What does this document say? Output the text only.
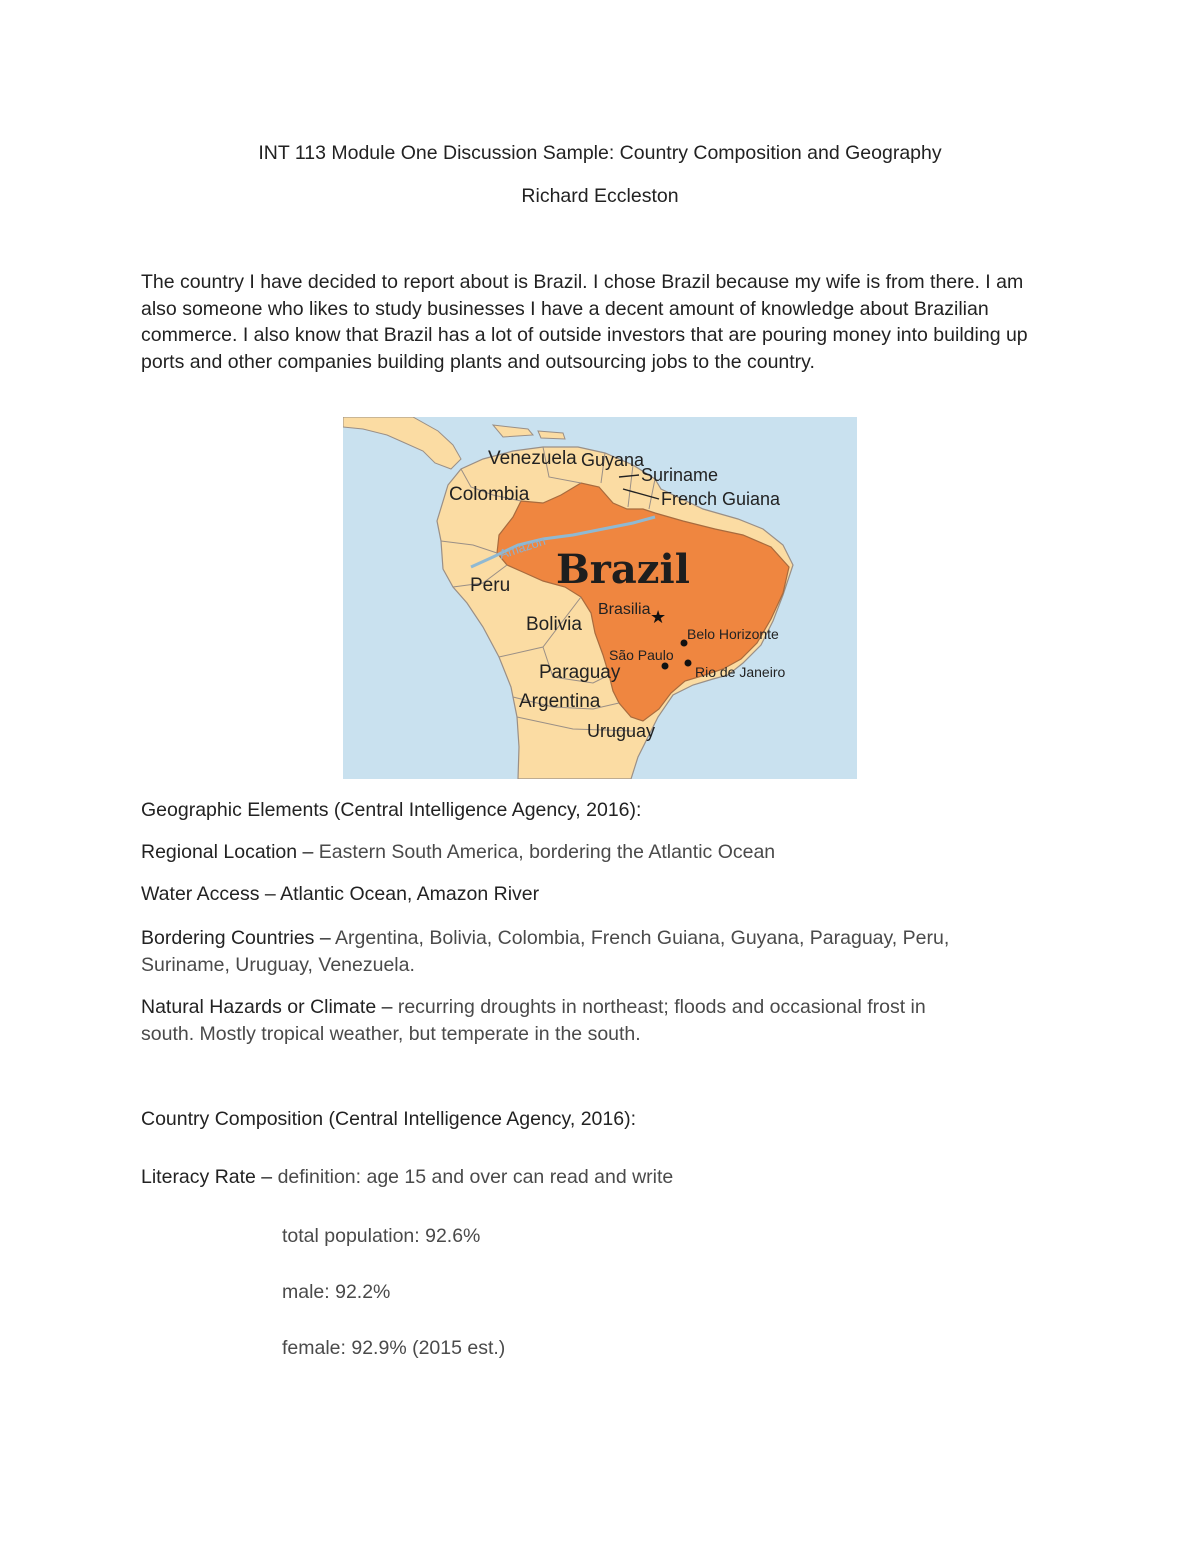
INT 113 Module One Discussion Sample: Country Composition and Geography
Richard Eccleston

The country I have decided to report about is Brazil. I chose Brazil because my wife is from there. I am also someone who likes to study businesses I have a decent amount of knowledge about Brazilian commerce. I also know that Brazil has a lot of outside investors that are pouring money into building up ports and other companies building plants and outsourcing jobs to the country.

Amazon Brazil
Venezuela Guyana
Suriname
French Guiana
Colombia
Peru
Bolivia
Paraguay
Argentina
Uruguay
Brasilia
Belo Horizonte
São Paulo
Rio de Janeiro
★

Geographic Elements (Central Intelligence Agency, 2016):

Regional Location – Eastern South America, bordering the Atlantic Ocean

Water Access – Atlantic Ocean, Amazon River

Bordering Countries – Argentina, Bolivia, Colombia, French Guiana, Guyana, Paraguay, Peru,
Suriname, Uruguay, Venezuela.
Natural Hazards or Climate – recurring droughts in northeast; floods and occasional frost in
south. Mostly tropical weather, but temperate in the south.

Country Composition (Central Intelligence Agency, 2016):

Literacy Rate – definition: age 15 and over can read and write

total population: 92.6%

male: 92.2%

female: 92.9% (2015 est.)
